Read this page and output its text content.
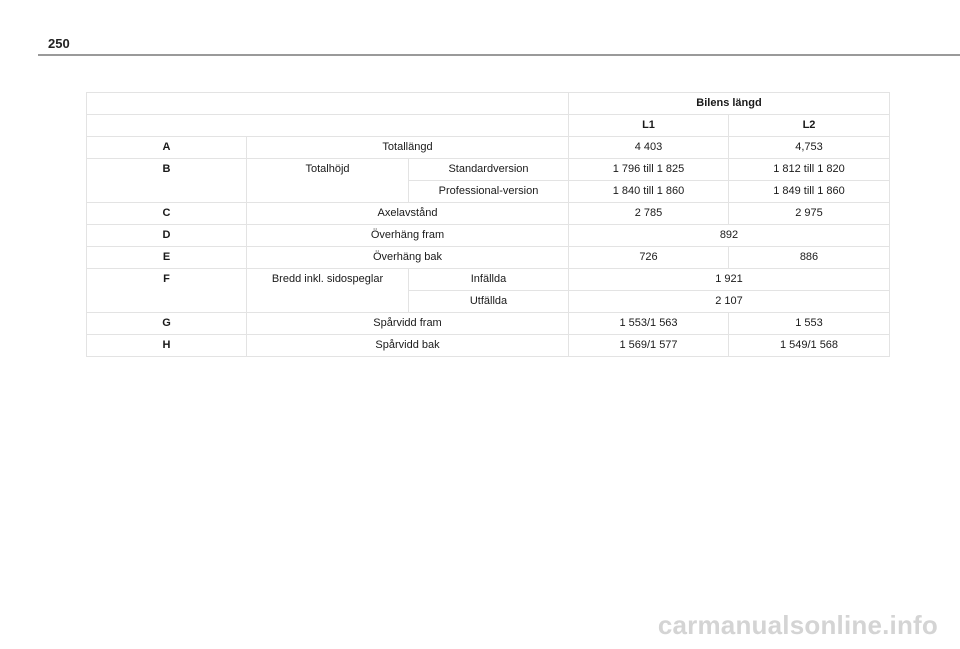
250
			Bilens längd	
			L1	L2
A	Totallängd		4 403	4,753
B	Totalhöjd	Standardversion	1 796 till 1 825	1 812 till 1 820
		Professional-version	1 840 till 1 860	1 849 till 1 860
C	Axelavstånd		2 785	2 975
D	Överhäng fram		892	
E	Överhäng bak		726	886
F	Bredd inkl. sidospeglar	Infällda	1 921	
		Utfällda	2 107	
G	Spårvidd fram		1 553/1 563	1 553
H	Spårvidd bak		1 569/1 577	1 549/1 568
carmanualsonline.info
